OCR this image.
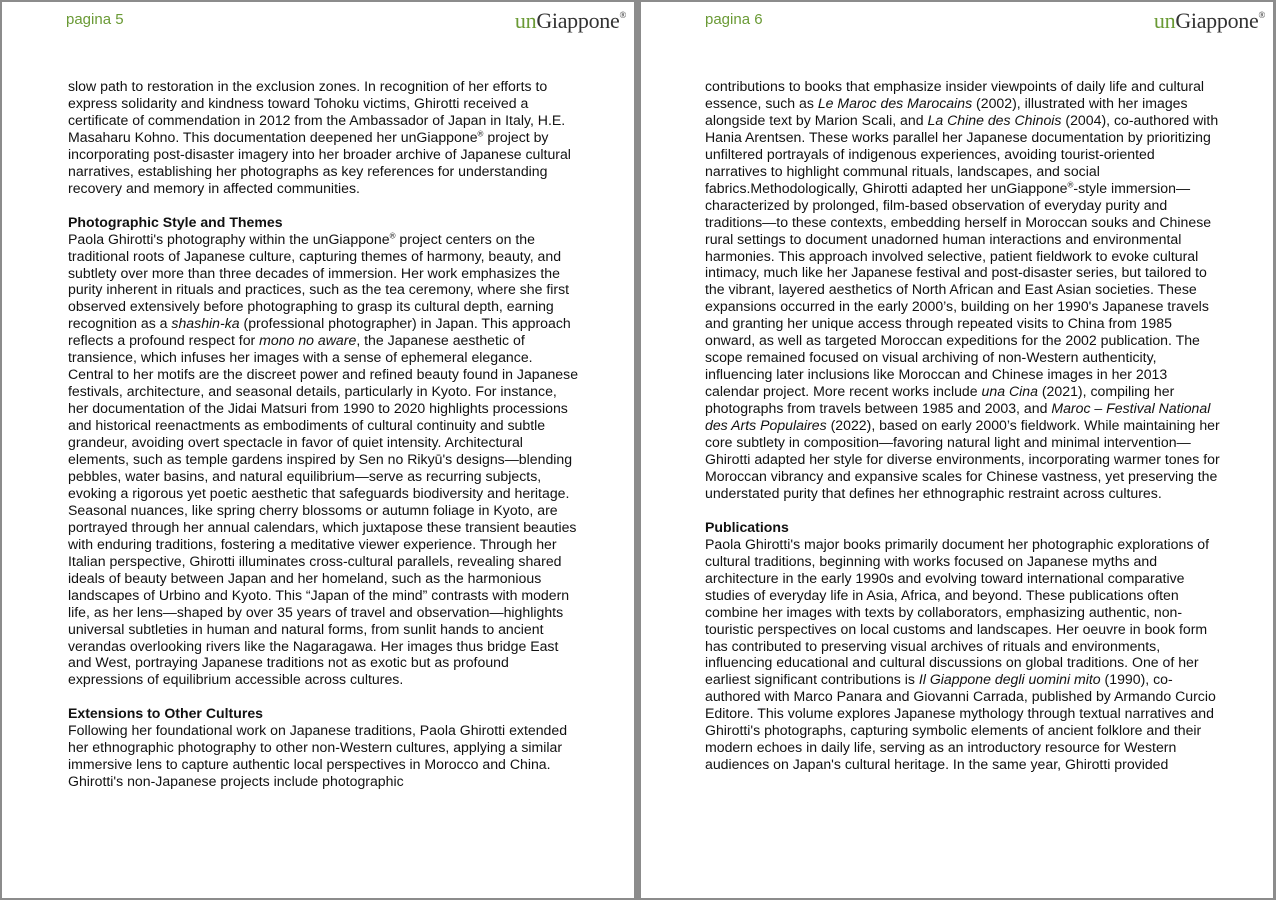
pagina 5	unGiappone®

slow path to restoration in the exclusion zones. In recognition of her efforts to express solidarity and kindness toward Tohoku victims, Ghirotti received a certificate of commendation in 2012 from the Ambassador of Japan in Italy, H.E. Masaharu Kohno. This documentation deepened her unGiappone® project by incorporating post-disaster imagery into her broader archive of Japanese cultural narratives, establishing her photographs as key references for understanding recovery and memory in affected communities.

Photographic Style and Themes

Paola Ghirotti's photography within the unGiappone® project centers on the traditional roots of Japanese culture, capturing themes of harmony, beauty, and subtlety over more than three decades of immersion. Her work emphasizes the purity inherent in rituals and practices, such as the tea ceremony, where she first observed extensively before photographing to grasp its cultural depth, earning recognition as a shashin-ka (professional photographer) in Japan. This approach reflects a profound respect for mono no aware, the Japanese aesthetic of transience, which infuses her images with a sense of ephemeral elegance. Central to her motifs are the discreet power and refined beauty found in Japanese festivals, architecture, and seasonal details, particularly in Kyoto. For instance, her documentation of the Jidai Matsuri from 1990 to 2020 highlights processions and historical reenactments as embodiments of cultural continuity and subtle grandeur, avoiding overt spectacle in favor of quiet intensity. Architectural elements, such as temple gardens inspired by Sen no Rikyū's designs—blending pebbles, water basins, and natural equilibrium—serve as recurring subjects, evoking a rigorous yet poetic aesthetic that safeguards biodiversity and heritage. Seasonal nuances, like spring cherry blossoms or autumn foliage in Kyoto, are portrayed through her annual calendars, which juxtapose these transient beauties with enduring traditions, fostering a meditative viewer experience. Through her Italian perspective, Ghirotti illuminates cross-cultural parallels, revealing shared ideals of beauty between Japan and her homeland, such as the harmonious landscapes of Urbino and Kyoto. This “Japan of the mind” contrasts with modern life, as her lens—shaped by over 35 years of travel and observation—highlights universal subtleties in human and natural forms, from sunlit hands to ancient verandas overlooking rivers like the Nagaragawa. Her images thus bridge East and West, portraying Japanese traditions not as exotic but as profound expressions of equilibrium accessible across cultures.

Extensions to Other Cultures

Following her foundational work on Japanese traditions, Paola Ghirotti extended her ethnographic photography to other non-Western cultures, applying a similar immersive lens to capture authentic local perspectives in Morocco and China. Ghirotti's non-Japanese projects include photographic

pagina 6	unGiappone®

contributions to books that emphasize insider viewpoints of daily life and cultural essence, such as Le Maroc des Marocains (2002), illustrated with her images alongside text by Marion Scali, and La Chine des Chinois (2004), co-authored with Hania Arentsen. These works parallel her Japanese documentation by prioritizing unfiltered portrayals of indigenous experiences, avoiding tourist-oriented narratives to highlight communal rituals, landscapes, and social fabrics.Methodologically, Ghirotti adapted her unGiappone®-style immersion—characterized by prolonged, film-based observation of everyday purity and traditions—to these contexts, embedding herself in Moroccan souks and Chinese rural settings to document unadorned human interactions and environmental harmonies. This approach involved selective, patient fieldwork to evoke cultural intimacy, much like her Japanese festival and post-disaster series, but tailored to the vibrant, layered aesthetics of North African and East Asian societies. These expansions occurred in the early 2000’s, building on her 1990's Japanese travels and granting her unique access through repeated visits to China from 1985 onward, as well as targeted Moroccan expeditions for the 2002 publication. The scope remained focused on visual archiving of non-Western authenticity, influencing later inclusions like Moroccan and Chinese images in her 2013 calendar project. More recent works include una Cina (2021), compiling her photographs from travels between 1985 and 2003, and Maroc – Festival National des Arts Populaires (2022), based on early 2000’s fieldwork. While maintaining her core subtlety in composition—favoring natural light and minimal intervention—Ghirotti adapted her style for diverse environments, incorporating warmer tones for Moroccan vibrancy and expansive scales for Chinese vastness, yet preserving the understated purity that defines her ethnographic restraint across cultures.

Publications

Paola Ghirotti's major books primarily document her photographic explorations of cultural traditions, beginning with works focused on Japanese myths and architecture in the early 1990s and evolving toward international comparative studies of everyday life in Asia, Africa, and beyond. These publications often combine her images with texts by collaborators, emphasizing authentic, non-touristic perspectives on local customs and landscapes. Her oeuvre in book form has contributed to preserving visual archives of rituals and environments, influencing educational and cultural discussions on global traditions. One of her earliest significant contributions is Il Giappone degli uomini mito (1990), co-authored with Marco Panara and Giovanni Carrada, published by Armando Curcio Editore. This volume explores Japanese mythology through textual narratives and Ghirotti's photographs, capturing symbolic elements of ancient folklore and their modern echoes in daily life, serving as an introductory resource for Western audiences on Japan's cultural heritage. In the same year, Ghirotti provided
